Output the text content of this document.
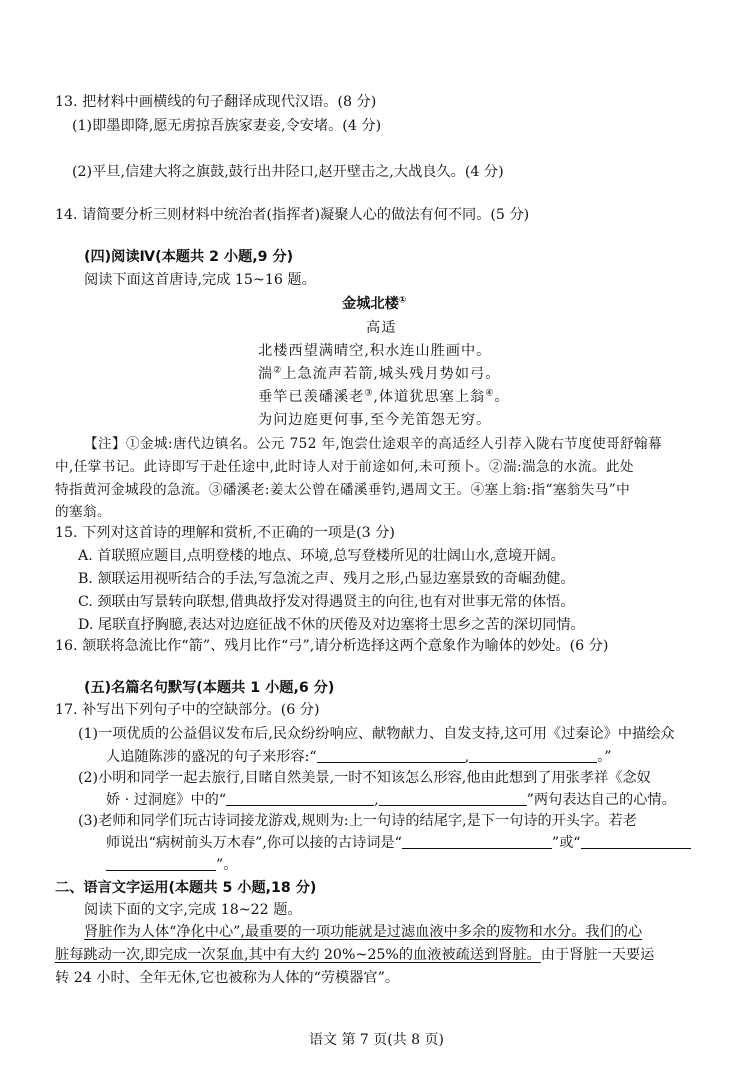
13. 把材料中画横线的句子翻译成现代汉语。(8 分)
(1)即墨即降,愿无虏掠吾族家妻妾,令安堵。(4 分)
(2)平旦,信建大将之旗鼓,鼓行出井陉口,赵开壁击之,大战良久。(4 分)
14. 请简要分析三则材料中统治者(指挥者)凝聚人心的做法有何不同。(5 分)
(四)阅读Ⅳ(本题共 2 小题,9 分)
阅读下面这首唐诗,完成 15~16 题。
金城北楼①
高适
北楼西望满晴空,积水连山胜画中。
湍②上急流声若箭,城头残月势如弓。
垂竿已羡磻溪老③,体道犹思塞上翁④。
为问边庭更何事,至今羌笛怨无穷。
【注】①金城:唐代边镇名。公元 752 年,饱尝仕途艰辛的高适经人引荐入陇右节度使哥舒翰幕
中,任掌书记。此诗即写于赴任途中,此时诗人对于前途如何,未可预卜。②湍:湍急的水流。此处
特指黄河金城段的急流。③磻溪老:姜太公曾在磻溪垂钓,遇周文王。④塞上翁:指“塞翁失马”中
的塞翁。
15. 下列对这首诗的理解和赏析,不正确的一项是(3 分)
A. 首联照应题目,点明登楼的地点、环境,总写登楼所见的壮阔山水,意境开阔。
B. 颔联运用视听结合的手法,写急流之声、残月之形,凸显边塞景致的奇崛劲健。
C. 颈联由写景转向联想,借典故抒发对得遇贤主的向往,也有对世事无常的体悟。
D. 尾联直抒胸臆,表达对边庭征战不休的厌倦及对边塞将士思乡之苦的深切同情。
16. 颔联将急流比作“箭”、残月比作“弓”,请分析选择这两个意象作为喻体的妙处。(6 分)
(五)名篇名句默写(本题共 1 小题,6 分)
17. 补写出下列句子中的空缺部分。(6 分)
(1)一项优质的公益倡议发布后,民众纷纷响应、献物献力、自发支持,这可用《过秦论》中描绘众
人追随陈涉的盛况的句子来形容:“	,	。”
(2)小明和同学一起去旅行,目睹自然美景,一时不知该怎么形容,他由此想到了用张孝祥《念奴
娇 · 过洞庭》中的“	,	”两句表达自己的心情。
(3)老师和同学们玩古诗词接龙游戏,规则为:上一句诗的结尾字,是下一句诗的开头字。若老
师说出“病树前头万木春”,你可以接的古诗词是“	”或“
”。
二、语言文字运用(本题共 5 小题,18 分)
阅读下面的文字,完成 18~22 题。
肾脏作为人体“净化中心”,最重要的一项功能就是过滤血液中多余的废物和水分。我们的心
脏每跳动一次,即完成一次泵血,其中有大约 20%~25%的血液被疏送到肾脏。由于肾脏一天要运
转 24 小时、全年无休,它也被称为人体的“劳模器官”。
语文 第 7 页(共 8 页)
